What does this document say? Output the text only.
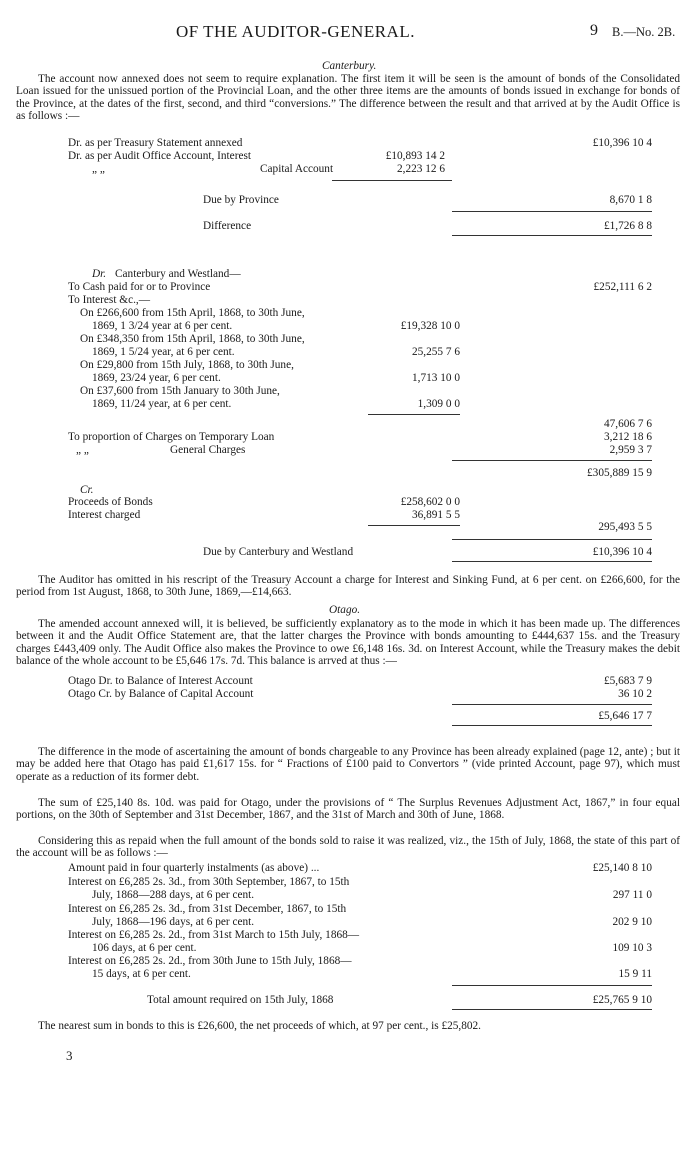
OF THE AUDITOR-GENERAL.	9 B.—No. 2B.
Canterbury.
The account now annexed does not seem to require explanation. The first item it will be seen is the amount of bonds of the Consolidated Loan issued for the unissued portion of the Provincial Loan, and the other three items are the amounts of bonds issued in exchange for bonds of the Province, at the dates of the first, second, and third “conversions.” The difference between the result and that arrived at by the Audit Office is as follows :—
Dr. as per Treasury Statement annexed	£10,396 10 4
Dr. as per Audit Office Account, Interest	£10,893 14 2
„ „	Capital Account	2,223 12 6
Due by Province	8,670 1 8
Difference	£1,726 8 8
Dr. Canterbury and Westland—
To Cash paid for or to Province	£252,111 6 2
To Interest &c.,—
On £266,600 from 15th April, 1868, to 30th June,
1869, 1 3/24 year at 6 per cent.	£19,328 10 0
On £348,350 from 15th April, 1868, to 30th June,
1869, 1 5/24 year, at 6 per cent.	25,255 7 6
On £29,800 from 15th July, 1868, to 30th June,
1869, 23/24 year, 6 per cent.	1,713 10 0
On £37,600 from 15th January to 30th June,
1869, 11/24 year, at 6 per cent.	1,309 0 0
47,606 7 6
To proportion of Charges on Temporary Loan	3,212 18 6
„ „	General Charges	2,959 3 7
£305,889 15 9
Cr.
Proceeds of Bonds	£258,602 0 0
Interest charged	36,891 5 5
295,493 5 5
Due by Canterbury and Westland	£10,396 10 4
The Auditor has omitted in his rescript of the Treasury Account a charge for Interest and Sinking Fund, at 6 per cent. on £266,600, for the period from 1st August, 1868, to 30th June, 1869,—£14,663.
Otago.
The amended account annexed will, it is believed, be sufficiently explanatory as to the mode in which it has been made up. The differences between it and the Audit Office Statement are, that the latter charges the Province with bonds amounting to £444,637 15s. and the Treasury charges £443,409 only. The Audit Office also makes the Province to owe £6,148 16s. 3d. on Interest Account, while the Treasury makes the debit balance of the whole account to be £5,646 17s. 7d. This balance is arrved at thus :—
Otago Dr. to Balance of Interest Account	£5,683 7 9
Otago Cr. by Balance of Capital Account	36 10 2
£5,646 17 7
The difference in the mode of ascertaining the amount of bonds chargeable to any Province has been already explained (page 12, ante) ; but it may be added here that Otago has paid £1,617 15s. for “ Fractions of £100 paid to Convertors ” (vide printed Account, page 97), which must operate as a reduction of its former debt.
The sum of £25,140 8s. 10d. was paid for Otago, under the provisions of “ The Surplus Revenues Adjustment Act, 1867,” in four equal portions, on the 30th of September and 31st December, 1867, and the 31st of March and 30th of June, 1868.
Considering this as repaid when the full amount of the bonds sold to raise it was realized, viz., the 15th of July, 1868, the state of this part of the account will be as follows :—
Amount paid in four quarterly instalments (as above) ...	£25,140 8 10
Interest on £6,285 2s. 3d., from 30th September, 1867, to 15th
July, 1868—288 days, at 6 per cent.	297 11 0
Interest on £6,285 2s. 3d., from 31st December, 1867, to 15th
July, 1868—196 days, at 6 per cent.	202 9 10
Interest on £6,285 2s. 2d., from 31st March to 15th July, 1868—
106 days, at 6 per cent.	109 10 3
Interest on £6,285 2s. 2d., from 30th June to 15th July, 1868—
15 days, at 6 per cent.	15 9 11
Total amount required on 15th July, 1868	£25,765 9 10
The nearest sum in bonds to this is £26,600, the net proceeds of which, at 97 per cent., is £25,802.
3
